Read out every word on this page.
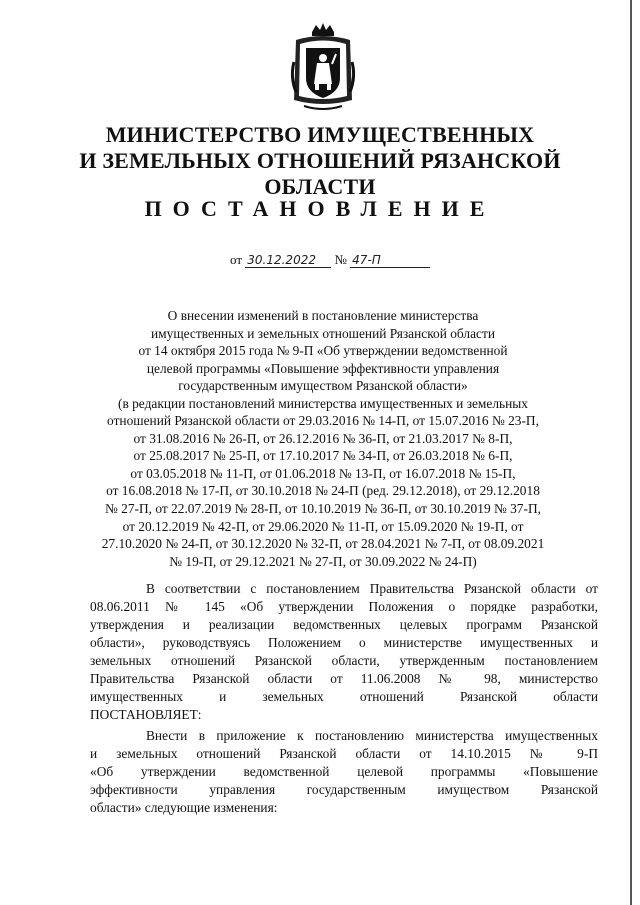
МИНИСТЕРСТВО ИМУЩЕСТВЕННЫХ
И ЗЕМЕЛЬНЫХ ОТНОШЕНИЙ РЯЗАНСКОЙ ОБЛАСТИ
ПОСТАНОВЛЕНИЕ
от 30.12.2022 № 47-П
О внесении изменений в постановление министерства
имущественных и земельных отношений Рязанской области
от 14 октября 2015 года № 9-П «Об утверждении ведомственной
целевой программы «Повышение эффективности управления
государственным имуществом Рязанской области»
(в редакции постановлений министерства имущественных и земельных
отношений Рязанской области от 29.03.2016 № 14-П, от 15.07.2016 № 23-П,
от 31.08.2016 № 26-П, от 26.12.2016 № 36-П, от 21.03.2017 № 8-П,
от 25.08.2017 № 25-П, от 17.10.2017 № 34-П, от 26.03.2018 № 6-П,
от 03.05.2018 № 11-П, от 01.06.2018 № 13-П, от 16.07.2018 № 15-П,
от 16.08.2018 № 17-П, от 30.10.2018 № 24-П (ред. 29.12.2018), от 29.12.2018
№ 27-П, от 22.07.2019 № 28-П, от 10.10.2019 № 36-П, от 30.10.2019 № 37-П,
от 20.12.2019 № 42-П, от 29.06.2020 № 11-П, от 15.09.2020 № 19-П, от
27.10.2020 № 24-П, от 30.12.2020 № 32-П, от 28.04.2021 № 7-П, от 08.09.2021
№ 19-П, от 29.12.2021 № 27-П, от 30.09.2022 № 24-П)
В соответствии с постановлением Правительства Рязанской области от
08.06.2011 № 145 «Об утверждении Положения о порядке разработки,
утверждения и реализации ведомственных целевых программ Рязанской
области», руководствуясь Положением о министерстве имущественных и
земельных отношений Рязанской области, утвержденным постановлением
Правительства Рязанской области от 11.06.2008 № 98, министерство
имущественных и земельных отношений Рязанской области
ПОСТАНОВЛЯЕТ:
Внести в приложение к постановлению министерства имущественных
и земельных отношений Рязанской области от 14.10.2015 № 9-П
«Об утверждении ведомственной целевой программы «Повышение
эффективности управления государственным имуществом Рязанской
области» следующие изменения:
